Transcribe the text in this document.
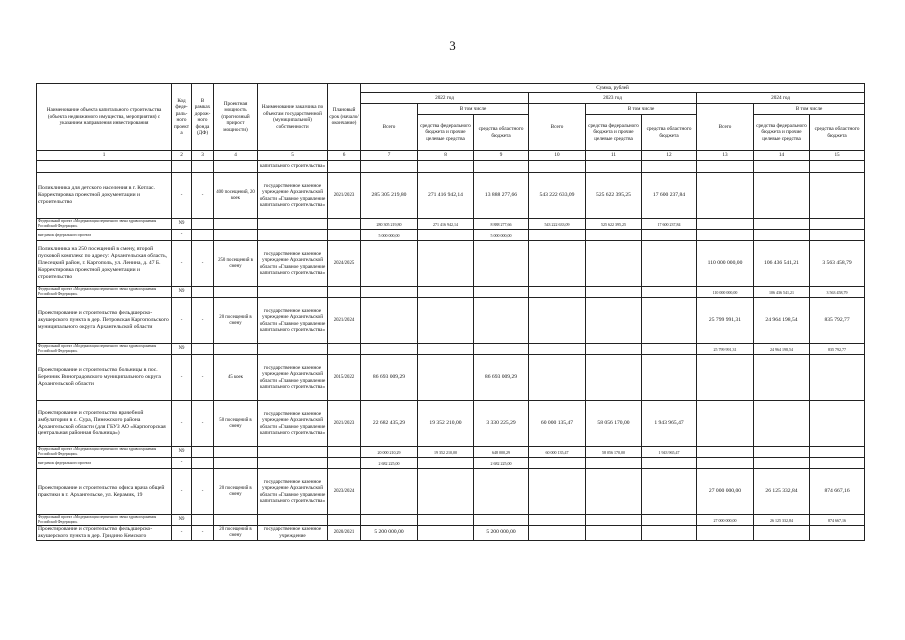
3
Наименование объекта капитального строительства (объекта недвижимого имущества, мероприятия) с указанием направления инвестирования	Код феде-раль-ного проекта	В рамках дорож-ного фонда (ДФ)	Проектная мощность (прогнозный прирост мощности)	Наименование заказчика по объектам государственной (муниципальной) собственности	Плановый срок (начало/окончание)	Сумма, рублей								
						2022 год			2023 год			2024 год		
						Всего	В том числе		Всего	В том числе		Всего	В том числе	
							средства федерального бюджета и прочие целевые средства	средства областного бюджета		средства федерального бюджета и прочие целевые средства	средства областного бюджета		средства федерального бюджета и прочие целевые средства	средства областного бюджета
1	2	3	4	5	6	7	8	9	10	11	12	13	14	15
				капитального строительства»										
Поликлиника для детского населения в г. Котлас. Корректировка проектной документации и строительство	-	-	400 посещений, 20 коек	государственное казенное учреждение Архангельской области «Главное управление капитального строительства»	2021/2023	285 305 219,80	271 416 942,14	13 888 277,66	543 222 633,09	525 622 395,25	17 600 237,84			
Федеральный проект «Модернизация первичного звена здравоохранения Российской Федерации»	N9					280 305 219,80	271 416 942,14	8 888 277,66	543 222 633,09	525 622 395,25	17 600 237,84			
вне рамок федерального проекта	-					5 000 000,00		5 000 000,00						
Поликлиника на 250 посещений в смену, второй пусковой комплекс по адресу: Архангельская область, Плесецкий район, г. Каргополь, ул. Ленина, д. 47 Б. Корректировка проектной документации и строительство	-	-	250 посещений в смену	государственное казенное учреждение Архангельской области «Главное управление капитального строительства»	2024/2025							110 000 000,00	106 436 541,21	3 563 458,79
Федеральный проект «Модернизация первичного звена здравоохранения Российской Федерации»	N9											110 000 000,00	106 436 541,21	3 563 458,79
Проектирование и строительство фельдшерско-акушерского пункта в дер. Петровская Каргопольского муниципального округа Архангельской области	-	-	20 посещений в смену	государственное казенное учреждение Архангельской области «Главное управление капитального строительства»	2021/2024							25 799 991,31	24 964 198,54	835 792,77
Федеральный проект «Модернизация первичного звена здравоохранения Российской Федерации»	N9											25 799 991,31	24 964 198,54	835 792,77
Проектирование и строительство больницы в пос. Березник Виноградовского муниципального округа Архангельской области	-	-	45 коек	государственное казенное учреждение Архангельской области «Главное управление капитального строительства»	2015/2022	86 693 009,29		86 693 009,29						
Проектирование и строительство врачебной амбулатории в с. Сура, Пинежского района Архангельской области (для ГБУЗ АО «Карпогорская центральная районная больница»)	-	-	50 посещений в смену	государственное казенное учреждение Архангельской области «Главное управление капитального строительства»	2021/2023	22 682 435,29	19 352 210,00	3 330 225,29	60 000 135,47	58 056 170,00	1 943 965,47			
Федеральный проект «Модернизация первичного звена здравоохранения Российской Федерации»	N9					20 000 210,29	19 352 210,00	648 000,29	60 000 135,47	58 056 170,00	1 943 965,47			
вне рамок федерального проекта	-					2 682 225,00		2 682 225,00						
Проектирование и строительство офиса врача общей практики в г. Архангельске, ул. Керамик, 19	-	-	20 посещений в смену	государственное казенное учреждение Архангельской области «Главное управление капитального строительства»	2023/2024							27 000 000,00	26 125 332,84	874 667,16
Федеральный проект «Модернизация первичного звена здравоохранения Российской Федерации»	N9											27 000 000,00	26 125 332,84	874 667,16
Проектирование и строительство фельдшерско-акушерского пункта в дер. Гридино Кемского	-	-	20 посещений в смену	государственное казенное учреждение	2020/2021	5 200 000,00		5 200 000,00						
